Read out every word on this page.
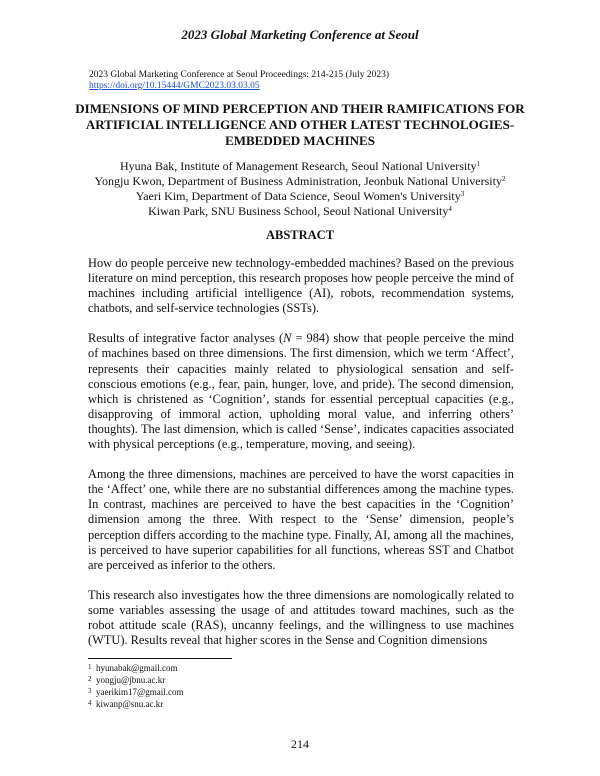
2023 Global Marketing Conference at Seoul
2023 Global Marketing Conference at Seoul Proceedings: 214-215 (July 2023)
https://doi.org/10.15444/GMC2023.03.03.05
DIMENSIONS OF MIND PERCEPTION AND THEIR RAMIFICATIONS FOR ARTIFICIAL INTELLIGENCE AND OTHER LATEST TECHNOLOGIES-EMBEDDED MACHINES
Hyuna Bak, Institute of Management Research, Seoul National University$^1$
Yongju Kwon, Department of Business Administration, Jeonbuk National University$^2$
Yaeri Kim, Department of Data Science, Seoul Women's University$^3$
Kiwan Park, SNU Business School, Seoul National University$^4$
ABSTRACT

How do people perceive new technology-embedded machines? Based on the previous literature on mind perception, this research proposes how people perceive the mind of machines including artificial intelligence (AI), robots, recommendation systems, chatbots, and self-service technologies (SSTs).

Results of integrative factor analyses (N = 984) show that people perceive the mind of machines based on three dimensions. The first dimension, which we term ‘Affect’, represents their capacities mainly related to physiological sensation and self-conscious emotions (e.g., fear, pain, hunger, love, and pride). The second dimension, which is christened as ‘Cognition’, stands for essential perceptual capacities (e.g., disapproving of immoral action, upholding moral value, and inferring others’ thoughts). The last dimension, which is called ‘Sense’, indicates capacities associated with physical perceptions (e.g., temperature, moving, and seeing).

Among the three dimensions, machines are perceived to have the worst capacities in the ‘Affect’ one, while there are no substantial differences among the machine types. In contrast, machines are perceived to have the best capacities in the ‘Cognition’ dimension among the three. With respect to the ‘Sense’ dimension, people’s perception differs according to the machine type. Finally, AI, among all the machines, is perceived to have superior capabilities for all functions, whereas SST and Chatbot are perceived as inferior to the others.

This research also investigates how the three dimensions are nomologically related to some variables assessing the usage of and attitudes toward machines, such as the robot attitude scale (RAS), uncanny feelings, and the willingness to use machines (WTU). Results reveal that higher scores in the Sense and Cognition dimensions

1 hyunabak@gmail.com
2 yongju@jbnu.ac.kr
3 yaerikim17@gmail.com
4 kiwanp@snu.ac.kr
214
